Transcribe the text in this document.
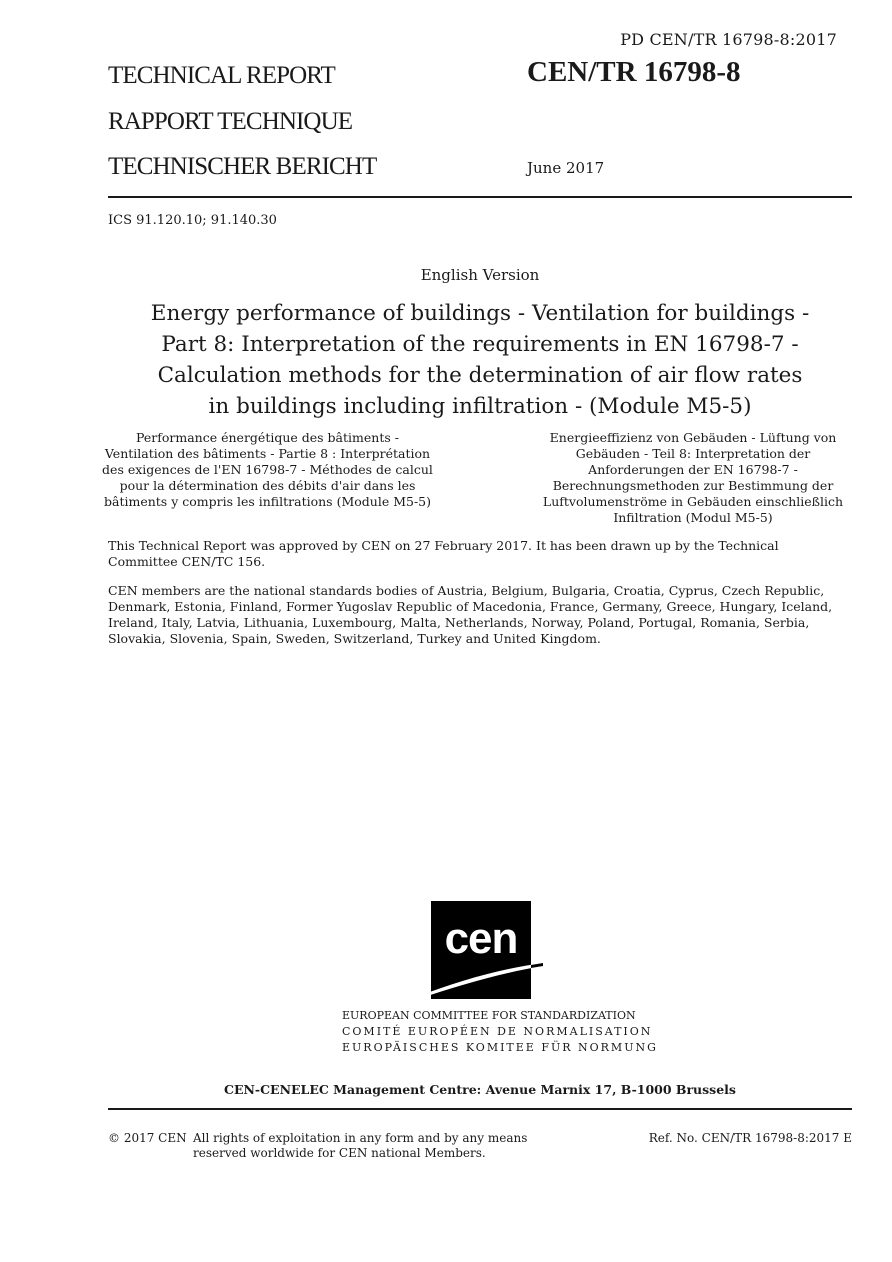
PD CEN/TR 16798-8:2017
TECHNICAL REPORT
RAPPORT TECHNIQUE
TECHNISCHER BERICHT
CEN/TR 16798-8
June 2017
ICS 91.120.10; 91.140.30
English Version
Energy performance of buildings - Ventilation for buildings - Part 8: Interpretation of the requirements in EN 16798-7 - Calculation methods for the determination of air flow rates in buildings including infiltration - (Module M5-5)
Performance énergétique des bâtiments - Ventilation des bâtiments - Partie 8 : Interprétation des exigences de l'EN 16798-7 - Méthodes de calcul pour la détermination des débits d'air dans les bâtiments y compris les infiltrations (Module M5-5)
Energieeffizienz von Gebäuden - Lüftung von Gebäuden - Teil 8: Interpretation der Anforderungen der EN 16798-7 - Berechnungsmethoden zur Bestimmung der Luftvolumenströme in Gebäuden einschließlich Infiltration (Modul M5-5)
This Technical Report was approved by CEN on 27 February 2017. It has been drawn up by the Technical Committee CEN/TC 156.
CEN members are the national standards bodies of Austria, Belgium, Bulgaria, Croatia, Cyprus, Czech Republic, Denmark, Estonia, Finland, Former Yugoslav Republic of Macedonia, France, Germany, Greece, Hungary, Iceland, Ireland, Italy, Latvia, Lithuania, Luxembourg, Malta, Netherlands, Norway, Poland, Portugal, Romania, Serbia, Slovakia, Slovenia, Spain, Sweden, Switzerland, Turkey and United Kingdom.
cen
EUROPEAN COMMITTEE FOR STANDARDIZATION
COMITÉ EUROPÉEN DE NORMALISATION
EUROPÄISCHES KOMITEE FÜR NORMUNG
CEN-CENELEC Management Centre: Avenue Marnix 17, B-1000 Brussels
© 2017 CEN All rights of exploitation in any form and by any means reserved worldwide for CEN national Members.
Ref. No. CEN/TR 16798-8:2017 E
